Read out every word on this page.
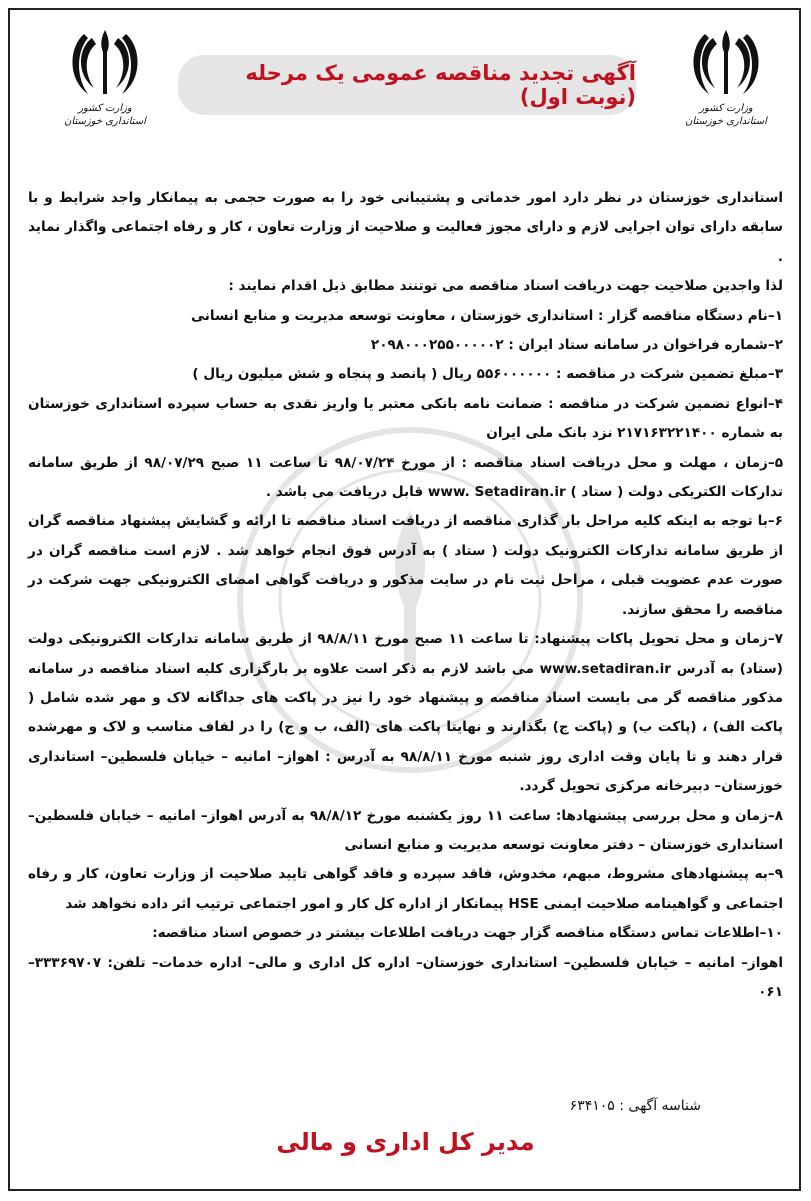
وزارت کشور
استانداری خوزستان
وزارت کشور
استانداری خوزستان
آگهی تجدید مناقصه عمومی یک مرحله (نوبت اول)

استانداری خوزستان در نظر دارد امور خدماتی و پشتیبانی خود را به صورت حجمی به پیمانکار واجد شرایط و با سابقه دارای توان اجرایی لازم و دارای مجوز فعالیت و صلاحیت از وزارت تعاون ، کار و رفاه اجتماعی واگذار نماید .

لذا واجدین صلاحیت جهت دریافت اسناد مناقصه می توتنند مطابق ذیل اقدام نمایند :

۱–نام دستگاه مناقصه گزار : استانداری خوزستان ، معاونت توسعه مدیریت و منابع انسانی

۲–شماره فراخوان در سامانه ستاد ایران : ۲۰۹۸۰۰۰۲۵۵۰۰۰۰۰۲

۳–مبلغ تضمین شرکت در مناقصه : ۵۵۶۰۰۰۰۰۰ ریال ( پانصد و پنجاه و شش میلیون ریال )

۴–انواع تضمین شرکت در مناقصه : ضمانت نامه بانکی معتبر یا واریز نقدی به حساب سپرده استانداری خوزستان به شماره ۲۱۷۱۶۳۲۲۱۴۰۰ نزد بانک ملی ایران

۵–زمان ، مهلت و محل دریافت اسناد مناقصه : از مورخ ۹۸/۰۷/۲۴ تا ساعت ۱۱ صبح ۹۸/۰۷/۲۹ از طریق سامانه تدارکات الکتریکی دولت ( ستاد ) www. Setadiran.ir قابل دریافت می باشد .

۶–با توجه به اینکه کلیه مراحل بار گذاری مناقصه از دریافت اسناد مناقصه تا ارائه و گشایش پیشنهاد مناقصه گران از طریق سامانه تدارکات الکترونیک دولت ( ستاد ) به آدرس فوق انجام خواهد شد . لازم است مناقصه گران در صورت عدم عضویت قبلی ، مراحل ثبت نام در سایت مذکور و دریافت گواهی امضای الکترونیکی جهت شرکت در مناقصه را محقق سازند.

۷–زمان و محل تحویل پاکات پیشنهاد: تا ساعت ۱۱ صبح مورخ ۹۸/۸/۱۱ از طریق سامانه تدارکات الکترونیکی دولت (ستاد) به آدرس www.setadiran.ir می باشد لازم به ذکر است علاوه بر بارگزاری کلیه اسناد مناقصه در سامانه مذکور مناقصه گر می بایست اسناد مناقصه و پیشنهاد خود را نیز در پاکت های جداگانه لاک و مهر شده شامل ( پاکت الف) ، (پاکت ب) و (پاکت ج) بگذارند و نهایتا پاکت های (الف، ب و ج) را در لفاف مناسب و لاک و مهرشده قرار دهند و تا پایان وقت اداری روز شنبه مورخ ۹۸/۸/۱۱ به آدرس : اهواز– امانیه – خیابان فلسطین– استانداری خوزستان– دبیرخانه مرکزی تحویل گردد.

۸–زمان و محل بررسی پیشنهادها: ساعت ۱۱ روز یکشنبه مورخ ۹۸/۸/۱۲ به آدرس اهواز– امانیه – خیابان فلسطین– استانداری خوزستان – دفتر معاونت توسعه مدیریت و منابع انسانی

۹–به پیشنهادهای مشروط، مبهم، مخدوش، فاقد سپرده و فاقد گواهی تایید صلاحیت از وزارت تعاون، کار و رفاه اجتماعی و گواهینامه صلاحیت ایمنی HSE پیمانکار از اداره کل کار و امور اجتماعی ترتیب اثر داده نخواهد شد

۱۰–اطلاعات تماس دستگاه مناقصه گزار جهت دریافت اطلاعات بیشتر در خصوص اسناد مناقصه:

اهواز– امانیه – خیابان فلسطین– استانداری خوزستان– اداره کل اداری و مالی– اداره خدمات– تلفن: ۳۳۳۶۹۷۰۷–۰۶۱

شناسه آگهی : ۶۳۴۱۰۵
مدیر کل اداری و مالی
